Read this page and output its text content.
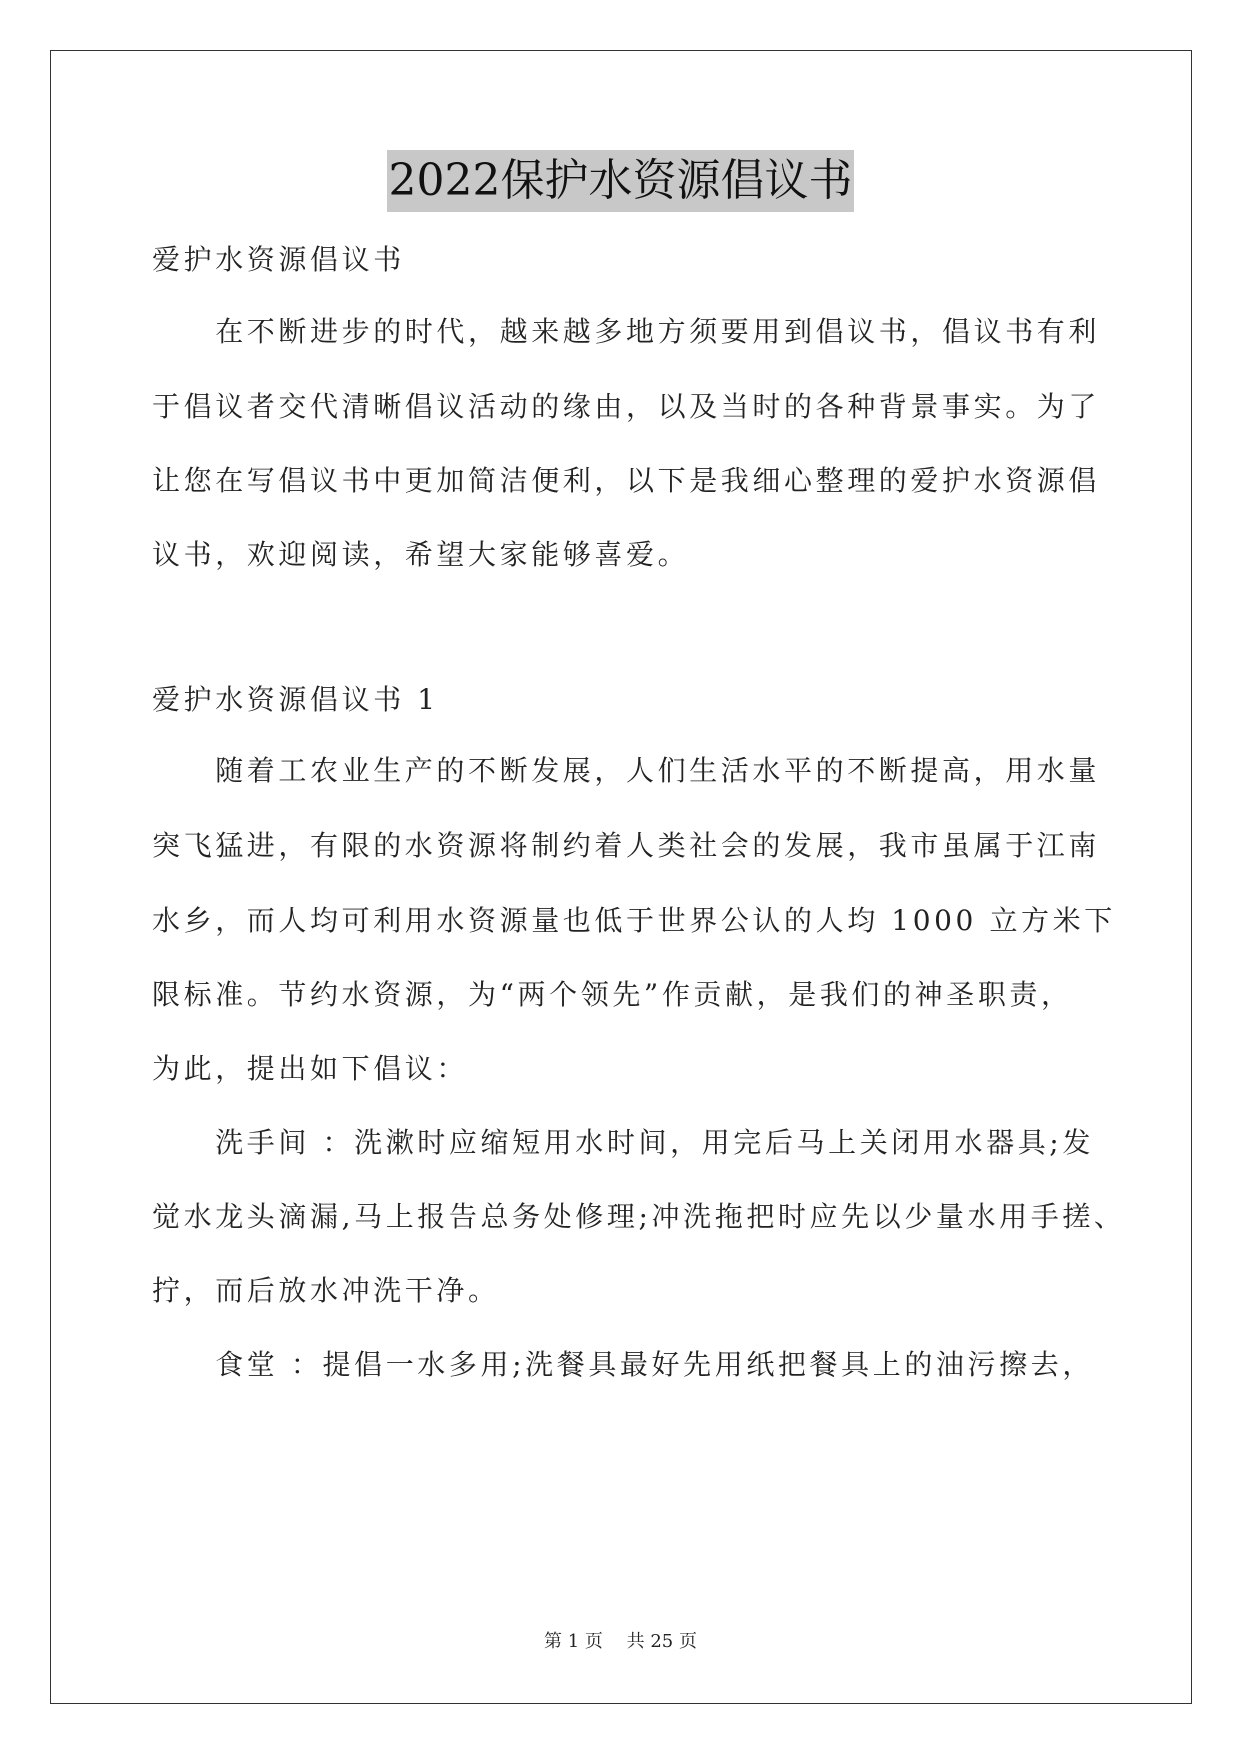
2022保护水资源倡议书
爱护水资源倡议书
　　在不断进步的时代，越来越多地方须要用到倡议书，倡议书有利
于倡议者交代清晰倡议活动的缘由，以及当时的各种背景事实。为了
让您在写倡议书中更加简洁便利，以下是我细心整理的爱护水资源倡
议书，欢迎阅读，希望大家能够喜爱。
爱护水资源倡议书 1
　　随着工农业生产的不断发展，人们生活水平的不断提高，用水量
突飞猛进，有限的水资源将制约着人类社会的发展，我市虽属于江南
水乡，而人均可利用水资源量也低于世界公认的人均 1000 立方米下
限标准。节约水资源，为“两个领先”作贡献，是我们的神圣职责，
为此，提出如下倡议：
　　洗手间 ：洗漱时应缩短用水时间，用完后马上关闭用水器具;发
觉水龙头滴漏,马上报告总务处修理;冲洗拖把时应先以少量水用手搓、
拧，而后放水冲洗干净。
　　食堂 ：提倡一水多用;洗餐具最好先用纸把餐具上的油污擦去，
第 1 页　 共 25 页
